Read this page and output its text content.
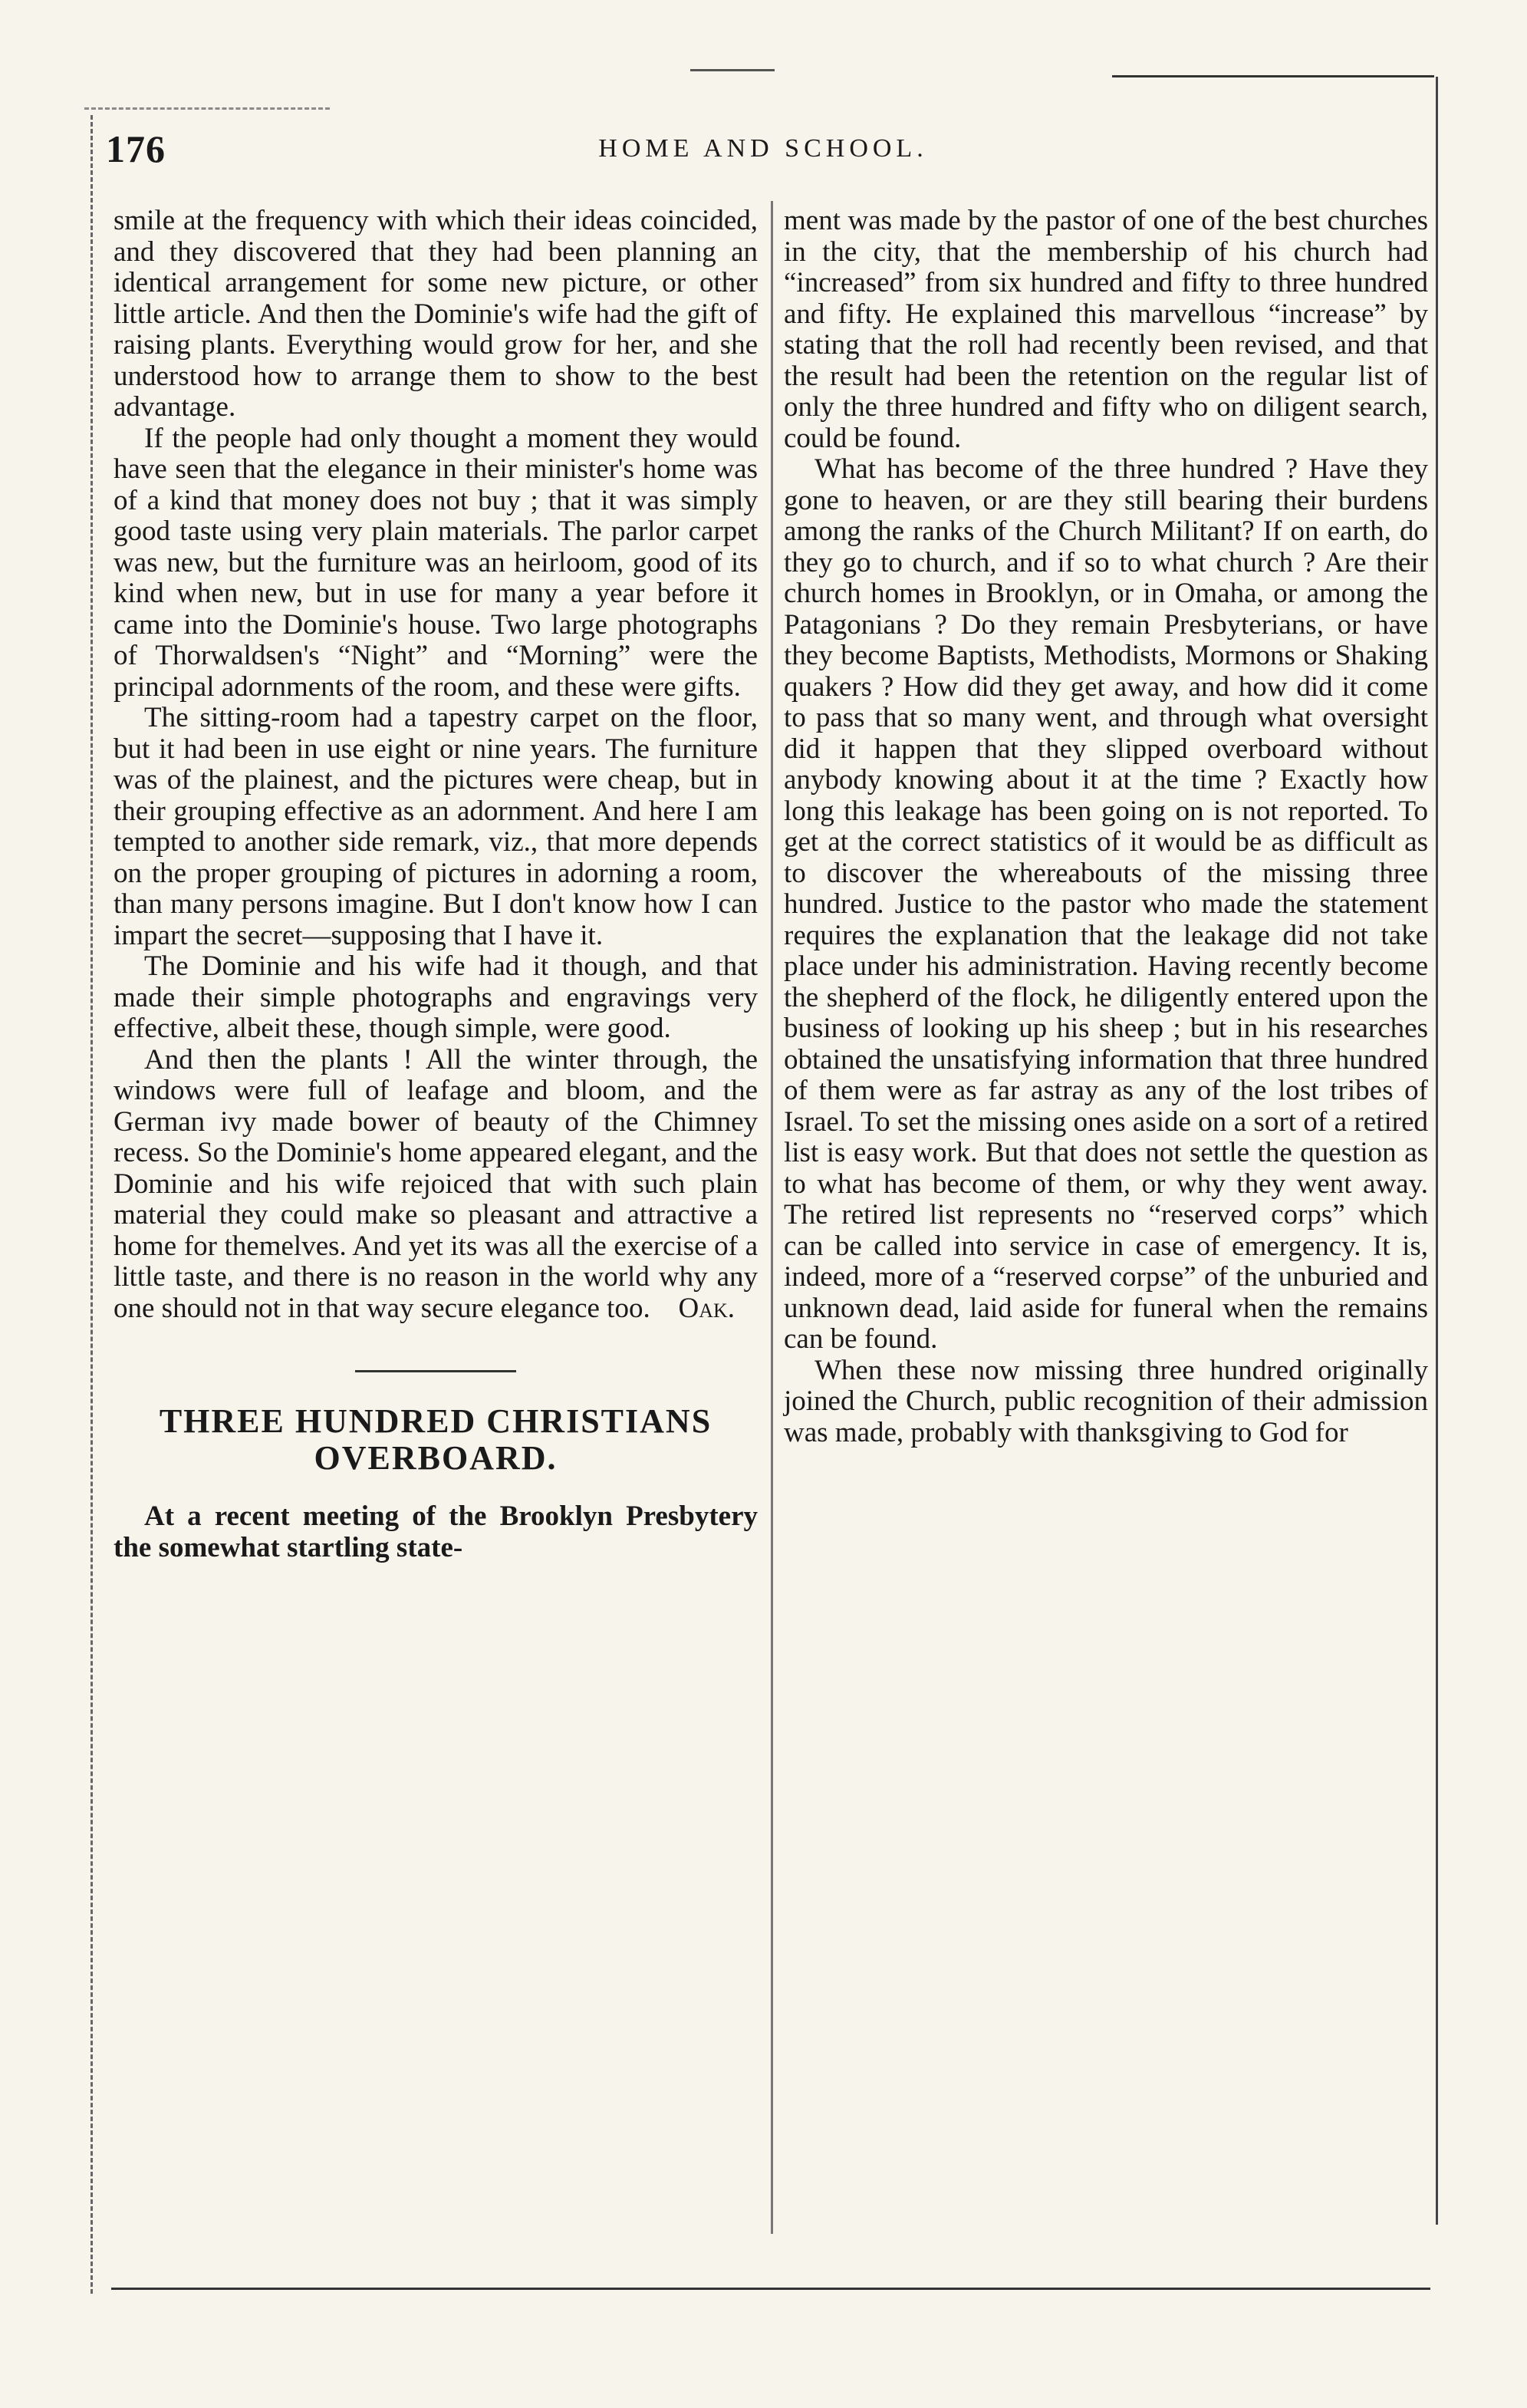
176	HOME AND SCHOOL.

smile at the frequency with which their ideas coincided, and they discovered that they had been planning an identical arrangement for some new picture, or other little article. And then the Dominie's wife had the gift of raising plants. Everything would grow for her, and she understood how to arrange them to show to the best advantage.

If the people had only thought a moment they would have seen that the elegance in their minister's home was of a kind that money does not buy ; that it was simply good taste using very plain materials. The parlor carpet was new, but the furniture was an heirloom, good of its kind when new, but in use for many a year before it came into the Dominie's house. Two large photographs of Thorwaldsen's “Night” and “Morning” were the principal adornments of the room, and these were gifts.

The sitting-room had a tapestry carpet on the floor, but it had been in use eight or nine years. The furniture was of the plainest, and the pictures were cheap, but in their grouping effective as an adornment. And here I am tempted to another side remark, viz., that more depends on the proper grouping of pictures in adorning a room, than many persons imagine. But I don't know how I can impart the secret—supposing that I have it.

The Dominie and his wife had it though, and that made their simple photographs and engravings very effective, albeit these, though simple, were good.

And then the plants ! All the winter through, the windows were full of leafage and bloom, and the German ivy made bower of beauty of the Chimney recess. So the Dominie's home appeared elegant, and the Dominie and his wife rejoiced that with such plain material they could make so pleasant and attractive a home for themelves. And yet its was all the exercise of a little taste, and there is no reason in the world why any one should not in that way secure elegance too. Oak.
THREE HUNDRED CHRISTIANS OVERBOARD.

At a recent meeting of the Brooklyn Presbytery the somewhat startling state-

ment was made by the pastor of one of the best churches in the city, that the membership of his church had “increased” from six hundred and fifty to three hundred and fifty. He explained this marvellous “increase” by stating that the roll had recently been revised, and that the result had been the retention on the regular list of only the three hundred and fifty who on diligent search, could be found.

What has become of the three hundred ? Have they gone to heaven, or are they still bearing their burdens among the ranks of the Church Militant? If on earth, do they go to church, and if so to what church ? Are their church homes in Brooklyn, or in Omaha, or among the Patagonians ? Do they remain Presbyterians, or have they become Baptists, Methodists, Mormons or Shaking quakers ? How did they get away, and how did it come to pass that so many went, and through what oversight did it happen that they slipped overboard without anybody knowing about it at the time ? Exactly how long this leakage has been going on is not reported. To get at the correct statistics of it would be as difficult as to discover the whereabouts of the missing three hundred. Justice to the pastor who made the statement requires the explanation that the leakage did not take place under his administration. Having recently become the shepherd of the flock, he diligently entered upon the business of looking up his sheep ; but in his researches obtained the unsatisfying information that three hundred of them were as far astray as any of the lost tribes of Israel. To set the missing ones aside on a sort of a retired list is easy work. But that does not settle the question as to what has become of them, or why they went away. The retired list represents no “reserved corps” which can be called into service in case of emergency. It is, indeed, more of a “reserved corpse” of the unburied and unknown dead, laid aside for funeral when the remains can be found.

When these now missing three hundred originally joined the Church, public recognition of their admission was made, probably with thanksgiving to God for
